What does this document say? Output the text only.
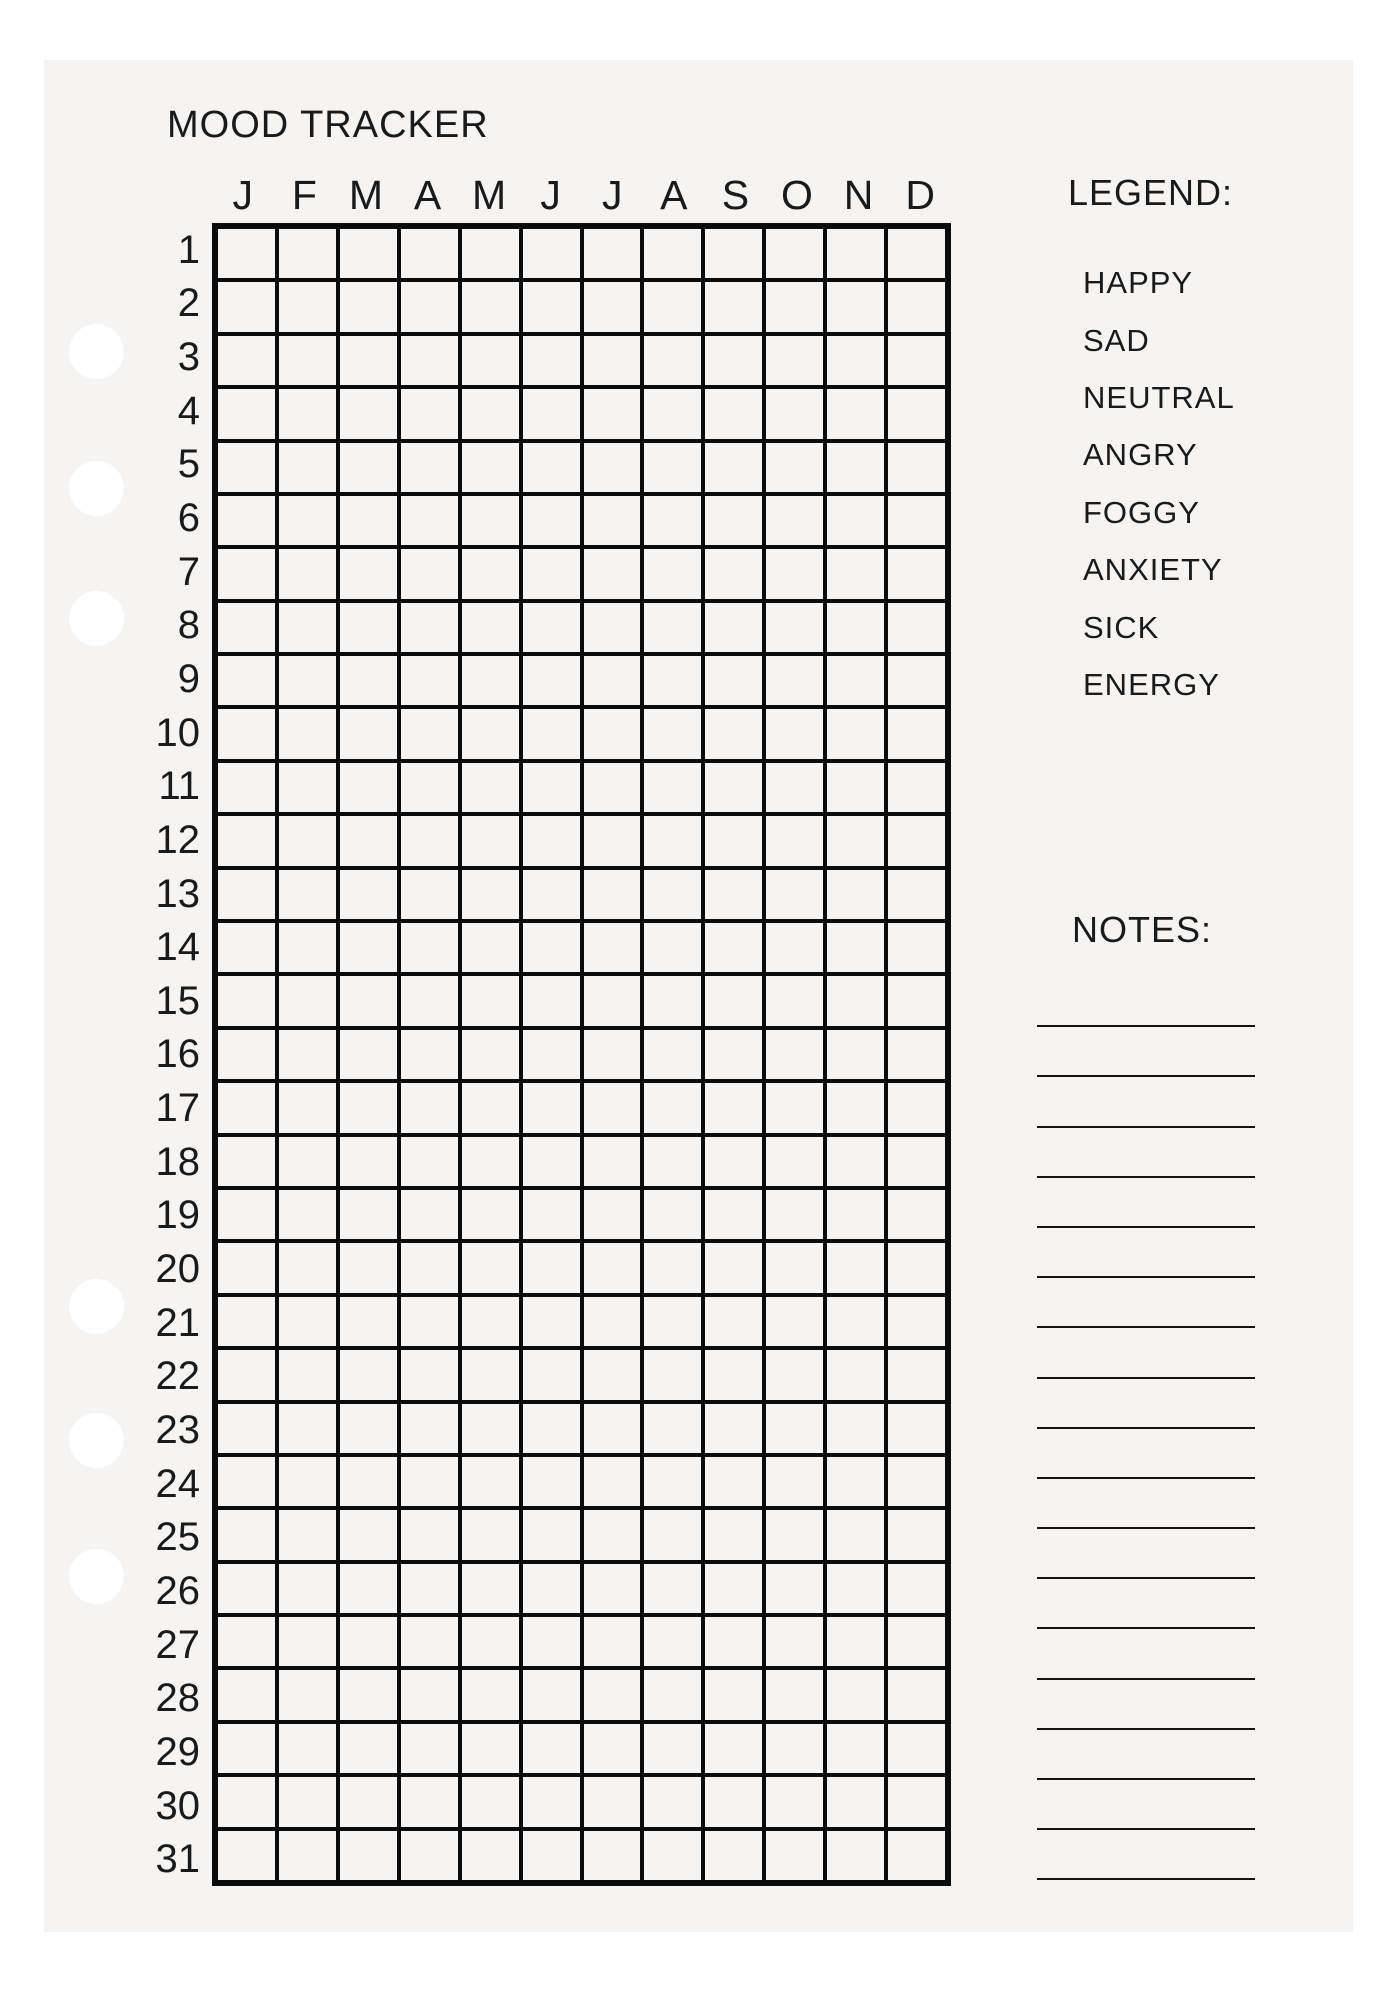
MOOD TRACKER
J F M A M J	J A S O N D
1
2
3
4
5
6
7
8
9
10
11
12
13
14
15
16
17
18
19
20
21
22
23
24
25
26
27
28
29
30
31
LEGEND:
HAPPY
SAD
NEUTRAL
ANGRY
FOGGY
ANXIETY
SICK
ENERGY
NOTES:
